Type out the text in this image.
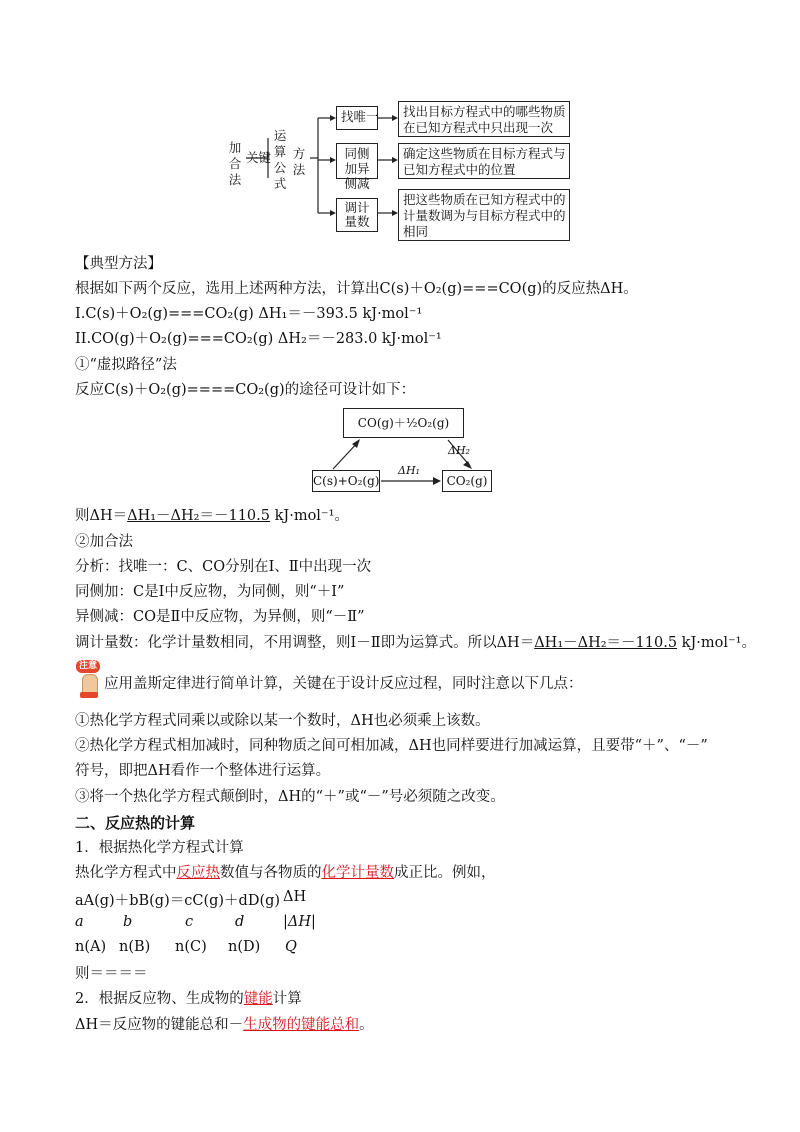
加合法
关键
运算公式
方法
找唯一
同侧加异侧减
调计量数
找出目标方程式中的哪些物质
在已知方程式中只出现一次
确定这些物质在目标方程式与
已知方程式中的位置
把这些物质在已知方程式中的
计量数调为与目标方程式中的
相同
【典型方法】
根据如下两个反应，选用上述两种方法，计算出C(s)＋O₂(g)===CO(g)的反应热ΔH。
I.C(s)＋O₂(g)===CO₂(g) ΔH₁＝－393.5 kJ·mol⁻¹
II.CO(g)＋O₂(g)===CO₂(g) ΔH₂＝－283.0 kJ·mol⁻¹
①“虚拟路径”法
反应C(s)＋O₂(g)====CO₂(g)的途径可设计如下：
CO(g)＋½O₂(g)
C(s)+O₂(g)	CO₂(g)
ΔH₂
ΔH₁
则ΔH＝ΔH₁－ΔH₂＝－110.5 kJ·mol⁻¹。
②加合法
分析：找唯一：C、CO分别在Ⅰ、Ⅱ中出现一次
同侧加：C是Ⅰ中反应物，为同侧，则“＋Ⅰ”
异侧减：CO是Ⅱ中反应物，为异侧，则“－Ⅱ”
调计量数：化学计量数相同，不用调整，则Ⅰ－Ⅱ即为运算式。所以ΔH＝ΔH₁－ΔH₂＝－110.5 kJ·mol⁻¹。
注意
应用盖斯定律进行简单计算，关键在于设计反应过程，同时注意以下几点：
①热化学方程式同乘以或除以某一个数时，ΔH也必须乘上该数。
②热化学方程式相加减时，同种物质之间可相加减，ΔH也同样要进行加减运算，且要带“＋”、“－”
符号，即把ΔH看作一个整体进行运算。
③将一个热化学方程式颠倒时，ΔH的“＋”或“－”号必须随之改变。
二、反应热的计算
1．根据热化学方程式计算
热化学方程式中反应热数值与各物质的化学计量数成正比。例如，
aA(g)＋bB(g)＝cC(g)＋dD(g) ΔH
a	b	c	d	|ΔH|
n(A) n(B) n(C) n(D) Q
则＝＝＝＝
2．根据反应物、生成物的键能计算
ΔH＝反应物的键能总和－生成物的键能总和。
